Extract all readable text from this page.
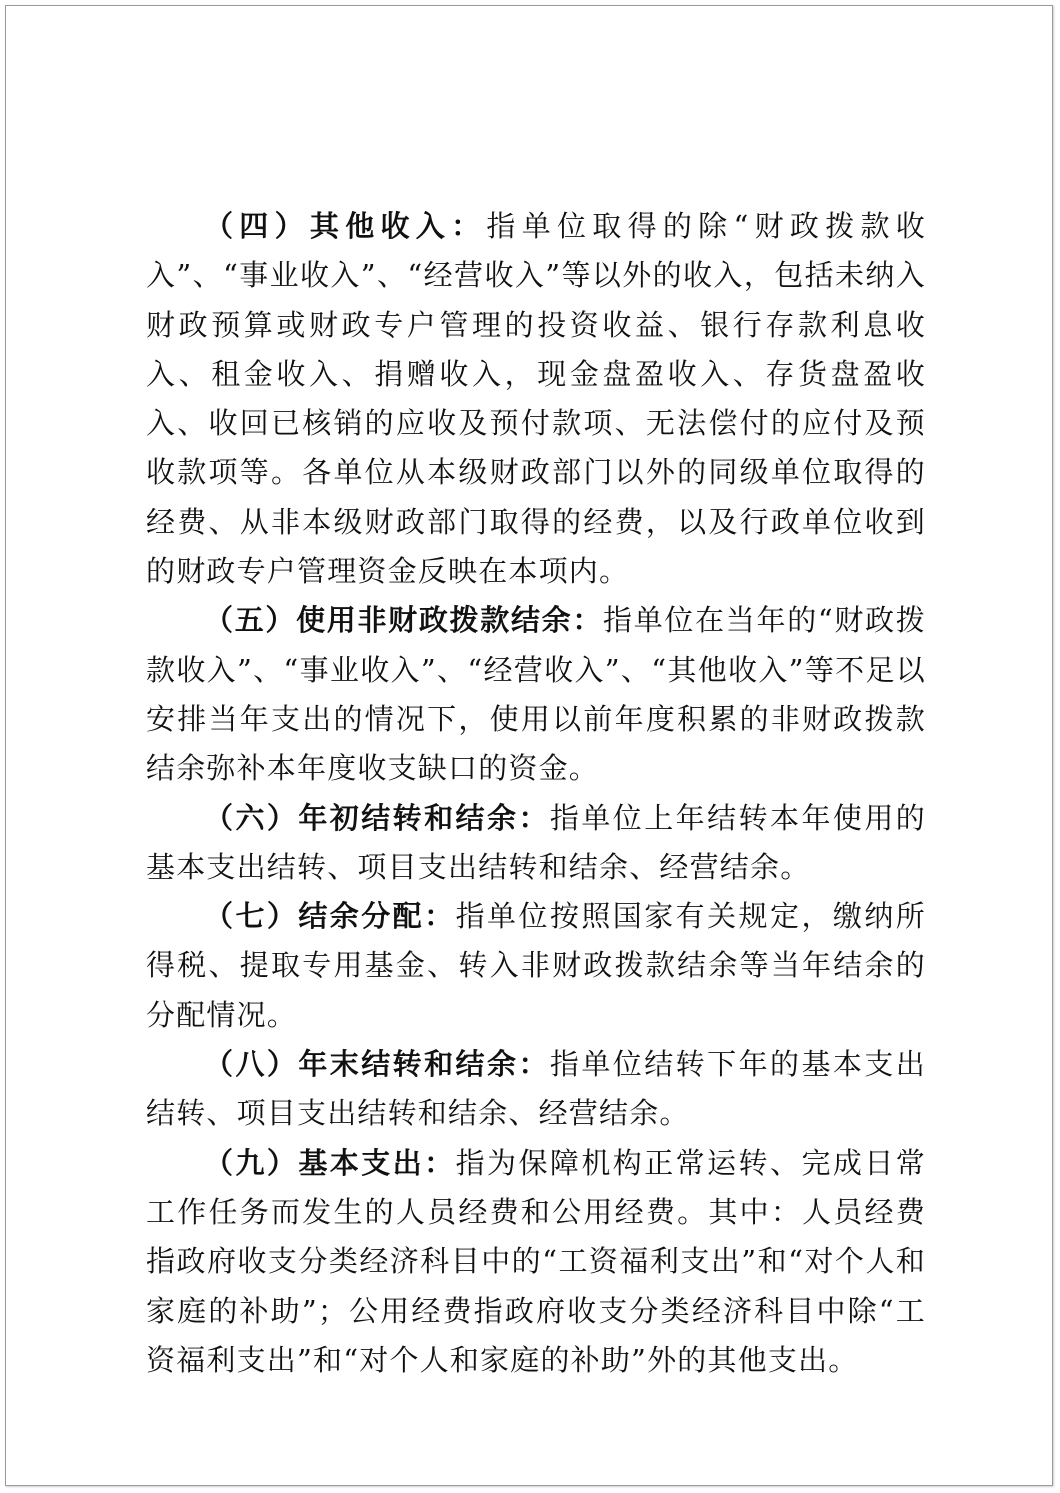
（四）其他收入：指单位取得的除“财政拨款收入”、“事业收入”、“经营收入”等以外的收入，包括未纳入财政预算或财政专户管理的投资收益、银行存款利息收入、租金收入、捐赠收入，现金盘盈收入、存货盘盈收入、收回已核销的应收及预付款项、无法偿付的应付及预收款项等。各单位从本级财政部门以外的同级单位取得的经费、从非本级财政部门取得的经费，以及行政单位收到的财政专户管理资金反映在本项内。

（五）使用非财政拨款结余：指单位在当年的“财政拨款收入”、“事业收入”、“经营收入”、“其他收入”等不足以安排当年支出的情况下，使用以前年度积累的非财政拨款结余弥补本年度收支缺口的资金。

（六）年初结转和结余：指单位上年结转本年使用的基本支出结转、项目支出结转和结余、经营结余。

（七）结余分配：指单位按照国家有关规定，缴纳所得税、提取专用基金、转入非财政拨款结余等当年结余的分配情况。

（八）年末结转和结余：指单位结转下年的基本支出结转、项目支出结转和结余、经营结余。

（九）基本支出：指为保障机构正常运转、完成日常工作任务而发生的人员经费和公用经费。其中：人员经费指政府收支分类经济科目中的“工资福利支出”和“对个人和家庭的补助”；公用经费指政府收支分类经济科目中除“工资福利支出”和“对个人和家庭的补助”外的其他支出。
